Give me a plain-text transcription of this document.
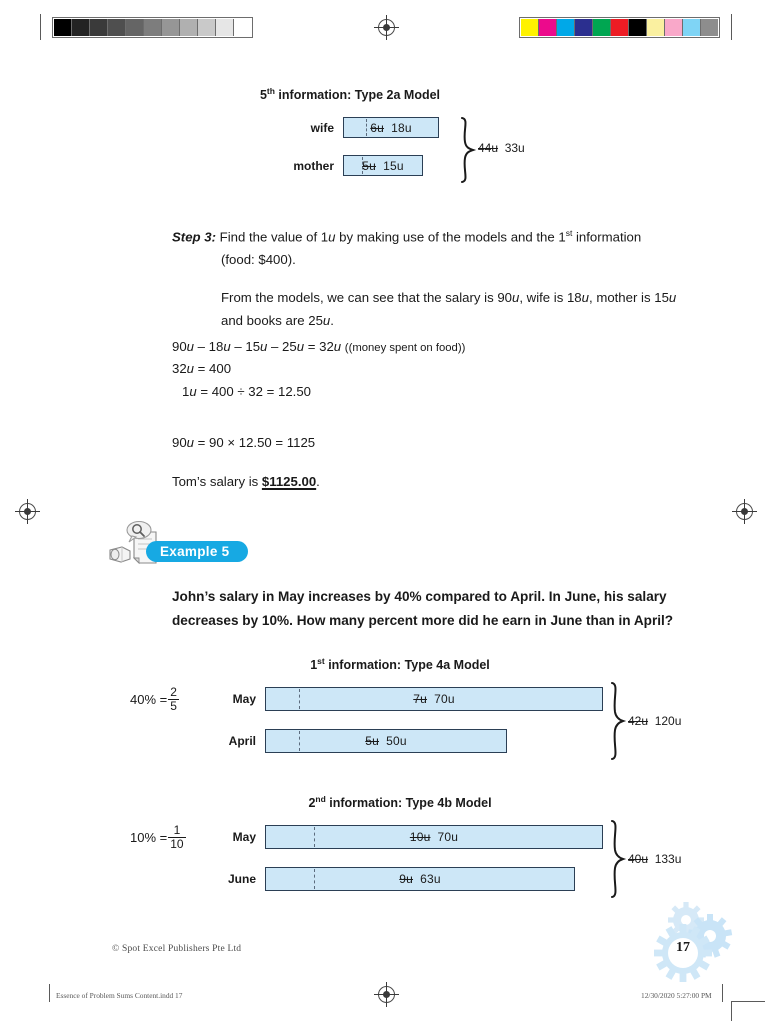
5th information: Type 2a Model
wife	6u 18u
mother	5u 15u
44u 33u
Step 3: Find the value of 1u by making use of the models and the 1st information
(food: $400).
From the models, we can see that the salary is 90u, wife is 18u, mother is 15u and books are 25u.
90u – 18u – 15u – 25u = 32u ((money spent on food))
32u = 400
1u = 400 ÷ 32 = 12.50
90u = 90 × 12.50 = 1125
Tom’s salary is $1125.00.
Example 5
John’s salary in May increases by 40% compared to April. In June, his salary
decreases by 10%. How many percent more did he earn in June than in April?
1st information: Type 4a Model
$40\% = \frac{2}{5}$	May	7u 70u
April	5u 50u
42u 120u
2nd information: Type 4b Model
$10\% = \frac{1}{10}$	May	10u 70u
June	9u 63u
40u 133u
© Spot Excel Publishers Pte Ltd	17
Essence of Problem Sums Content.indd 17	12/30/2020 5:27:00 PM
